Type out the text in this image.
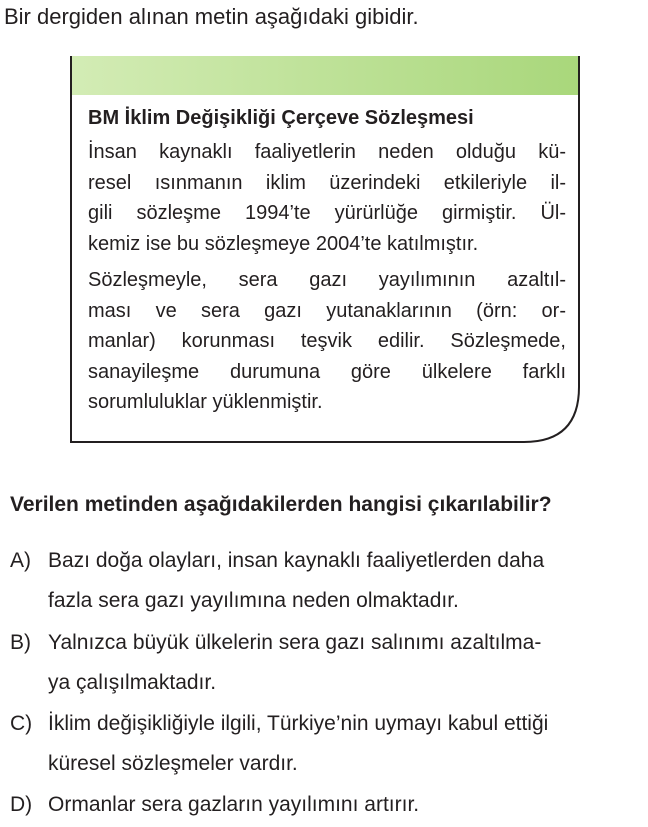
Bir dergiden alınan metin aşağıdaki gibidir.
BM İklim Değişikliği Çerçeve Sözleşmesi
İnsan kaynaklı faaliyetlerin neden olduğu kü-
resel ısınmanın iklim üzerindeki etkileriyle il-
gili sözleşme 1994’te yürürlüğe girmiştir. Ül-
kemiz ise bu sözleşmeye 2004’te katılmıştır.
Sözleşmeyle, sera gazı yayılımının azaltıl-
ması ve sera gazı yutanaklarının (örn: or-
manlar) korunması teşvik edilir. Sözleşmede,
sanayileşme durumuna göre ülkelere farklı
sorumluluklar yüklenmiştir.
Verilen metinden aşağıdakilerden hangisi çıkarılabilir?
A) Bazı doğa olayları, insan kaynaklı faaliyetlerden daha
fazla sera gazı yayılımına neden olmaktadır.
B) Yalnızca büyük ülkelerin sera gazı salınımı azaltılma-
ya çalışılmaktadır.
C) İklim değişikliğiyle ilgili, Türkiye’nin uymayı kabul ettiği
küresel sözleşmeler vardır.
D) Ormanlar sera gazların yayılımını artırır.
